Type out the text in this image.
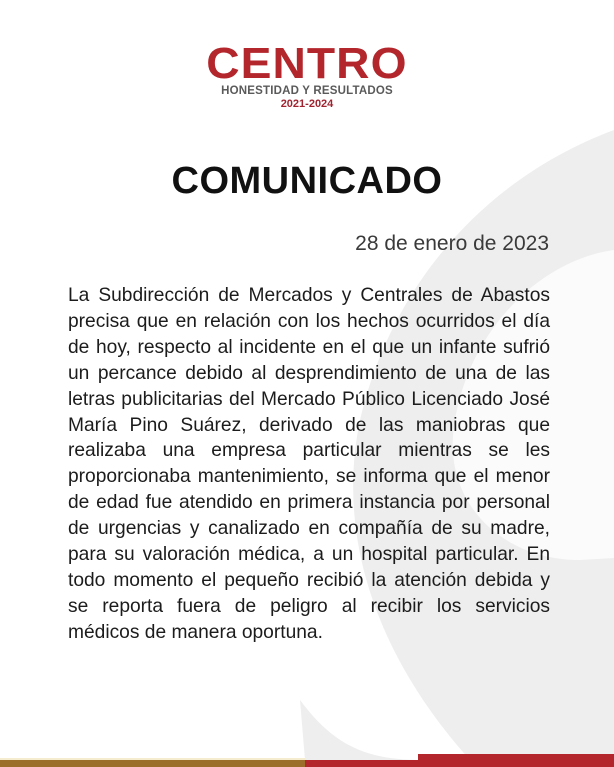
CENTRO
HONESTIDAD Y RESULTADOS
2021-2024
COMUNICADO
28 de enero de 2023
La Subdirección de Mercados y Centrales de Abastos precisa que en relación con los hechos ocurridos el día de hoy, respecto al incidente en el que un infante sufrió un percance debido al desprendimiento de una de las letras publicitarias del Mercado Público Licenciado José María Pino Suárez, derivado de las maniobras que realizaba una empresa particular mientras se les proporcionaba mantenimiento, se informa que el menor de edad fue atendido en primera instancia por personal de urgencias y canalizado en compañía de su madre, para su valoración médica, a un hospital particular. En todo momento el pequeño recibió la atención debida y se reporta fuera de peligro al recibir los servicios médicos de manera oportuna.
